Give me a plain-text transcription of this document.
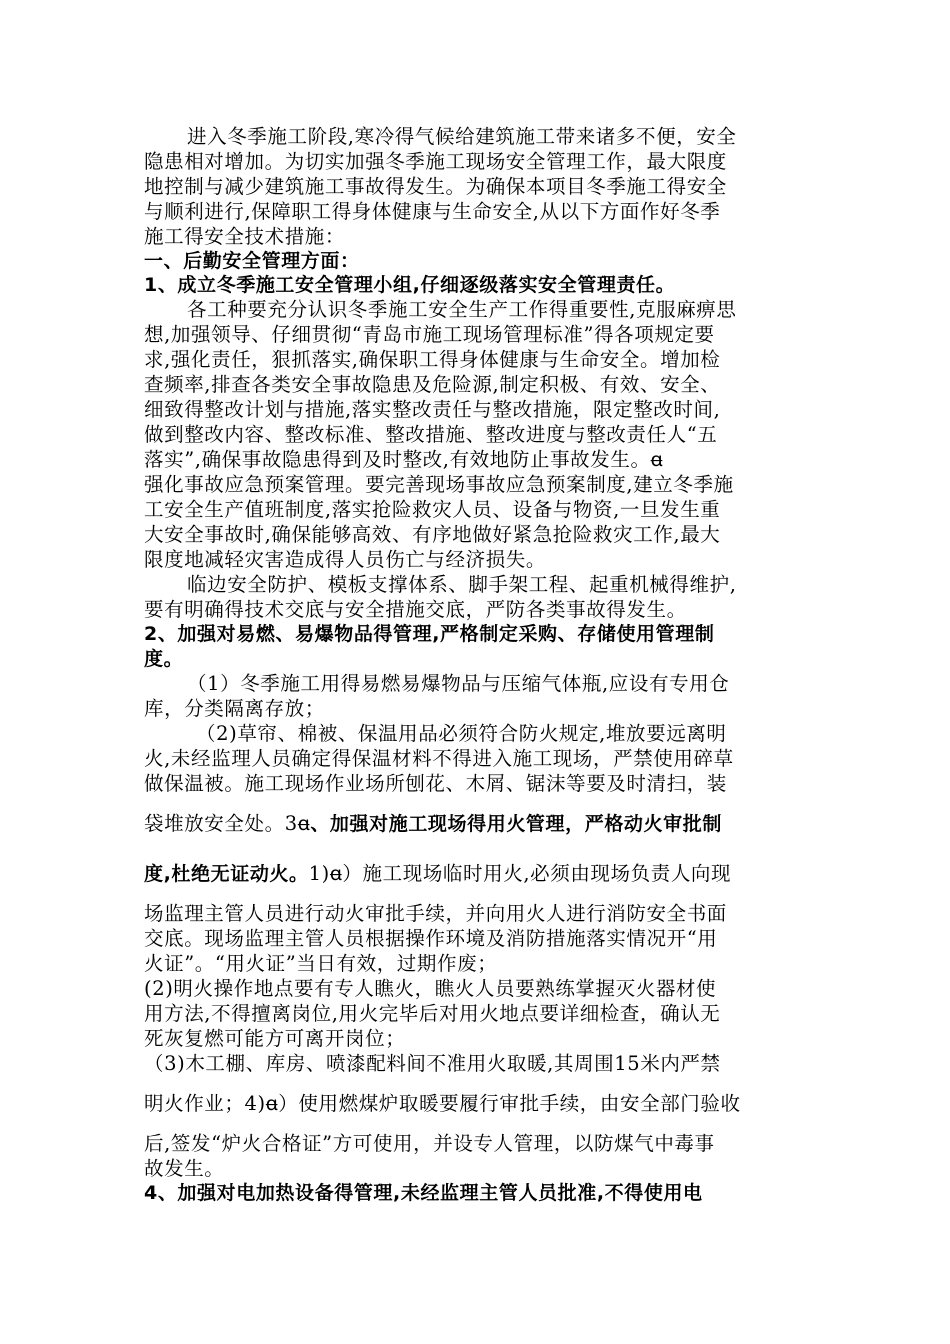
进入冬季施工阶段,寒冷得气候给建筑施工带来诸多不便，安全
隐患相对增加。为切实加强冬季施工现场安全管理工作，最大限度
地控制与减少建筑施工事故得发生。为确保本项目冬季施工得安全
与顺利进行,保障职工得身体健康与生命安全,从以下方面作好冬季
施工得安全技术措施：
一、后勤安全管理方面：
1、成立冬季施工安全管理小组,仔细逐级落实安全管理责任。
各工种要充分认识冬季施工安全生产工作得重要性,克服麻痹思
想,加强领导、仔细贯彻“青岛市施工现场管理标准”得各项规定要
求,强化责任，狠抓落实,确保职工得身体健康与生命安全。增加检
查频率,排查各类安全事故隐患及危险源,制定积极、有效、安全、
细致得整改计划与措施,落实整改责任与整改措施，限定整改时间,
做到整改内容、整改标准、整改措施、整改进度与整改责任人“五
落实”,确保事故隐患得到及时整改,有效地防止事故发生。ꬰ
强化事故应急预案管理。要完善现场事故应急预案制度,建立冬季施
工安全生产值班制度,落实抢险救灾人员、设备与物资,一旦发生重
大安全事故时,确保能够高效、有序地做好紧急抢险救灾工作,最大
限度地减轻灾害造成得人员伤亡与经济损失。
临边安全防护、模板支撑体系、脚手架工程、起重机械得维护,
要有明确得技术交底与安全措施交底，严防各类事故得发生。
2、加强对易燃、易爆物品得管理,严格制定采购、存储使用管理制
度。
（1）冬季施工用得易燃易爆物品与压缩气体瓶,应设有专用仓
库，分类隔离存放；
（2)草帘、棉被、保温用品必须符合防火规定,堆放要远离明
火,未经监理人员确定得保温材料不得进入施工现场，严禁使用碎草
做保温被。施工现场作业场所刨花、木屑、锯沫等要及时清扫，装
袋堆放安全处。3ꬰ、加强对施工现场得用火管理，严格动火审批制
度,杜绝无证动火。1)ꬰ）施工现场临时用火,必须由现场负责人向现
场监理主管人员进行动火审批手续，并向用火人进行消防安全书面
交底。现场监理主管人员根据操作环境及消防措施落实情况开“用
火证”。“用火证”当日有效，过期作废；
(2)明火操作地点要有专人瞧火，瞧火人员要熟练掌握灭火器材使
用方法,不得擅离岗位,用火完毕后对用火地点要详细检查，确认无
死灰复燃可能方可离开岗位；
（3)木工棚、库房、喷漆配料间不准用火取暖,其周围15米内严禁
明火作业；4)ꬰ）使用燃煤炉取暖要履行审批手续，由安全部门验收
后,签发“炉火合格证”方可使用，并设专人管理，以防煤气中毒事
故发生。
4、加强对电加热设备得管理,未经监理主管人员批准,不得使用电
